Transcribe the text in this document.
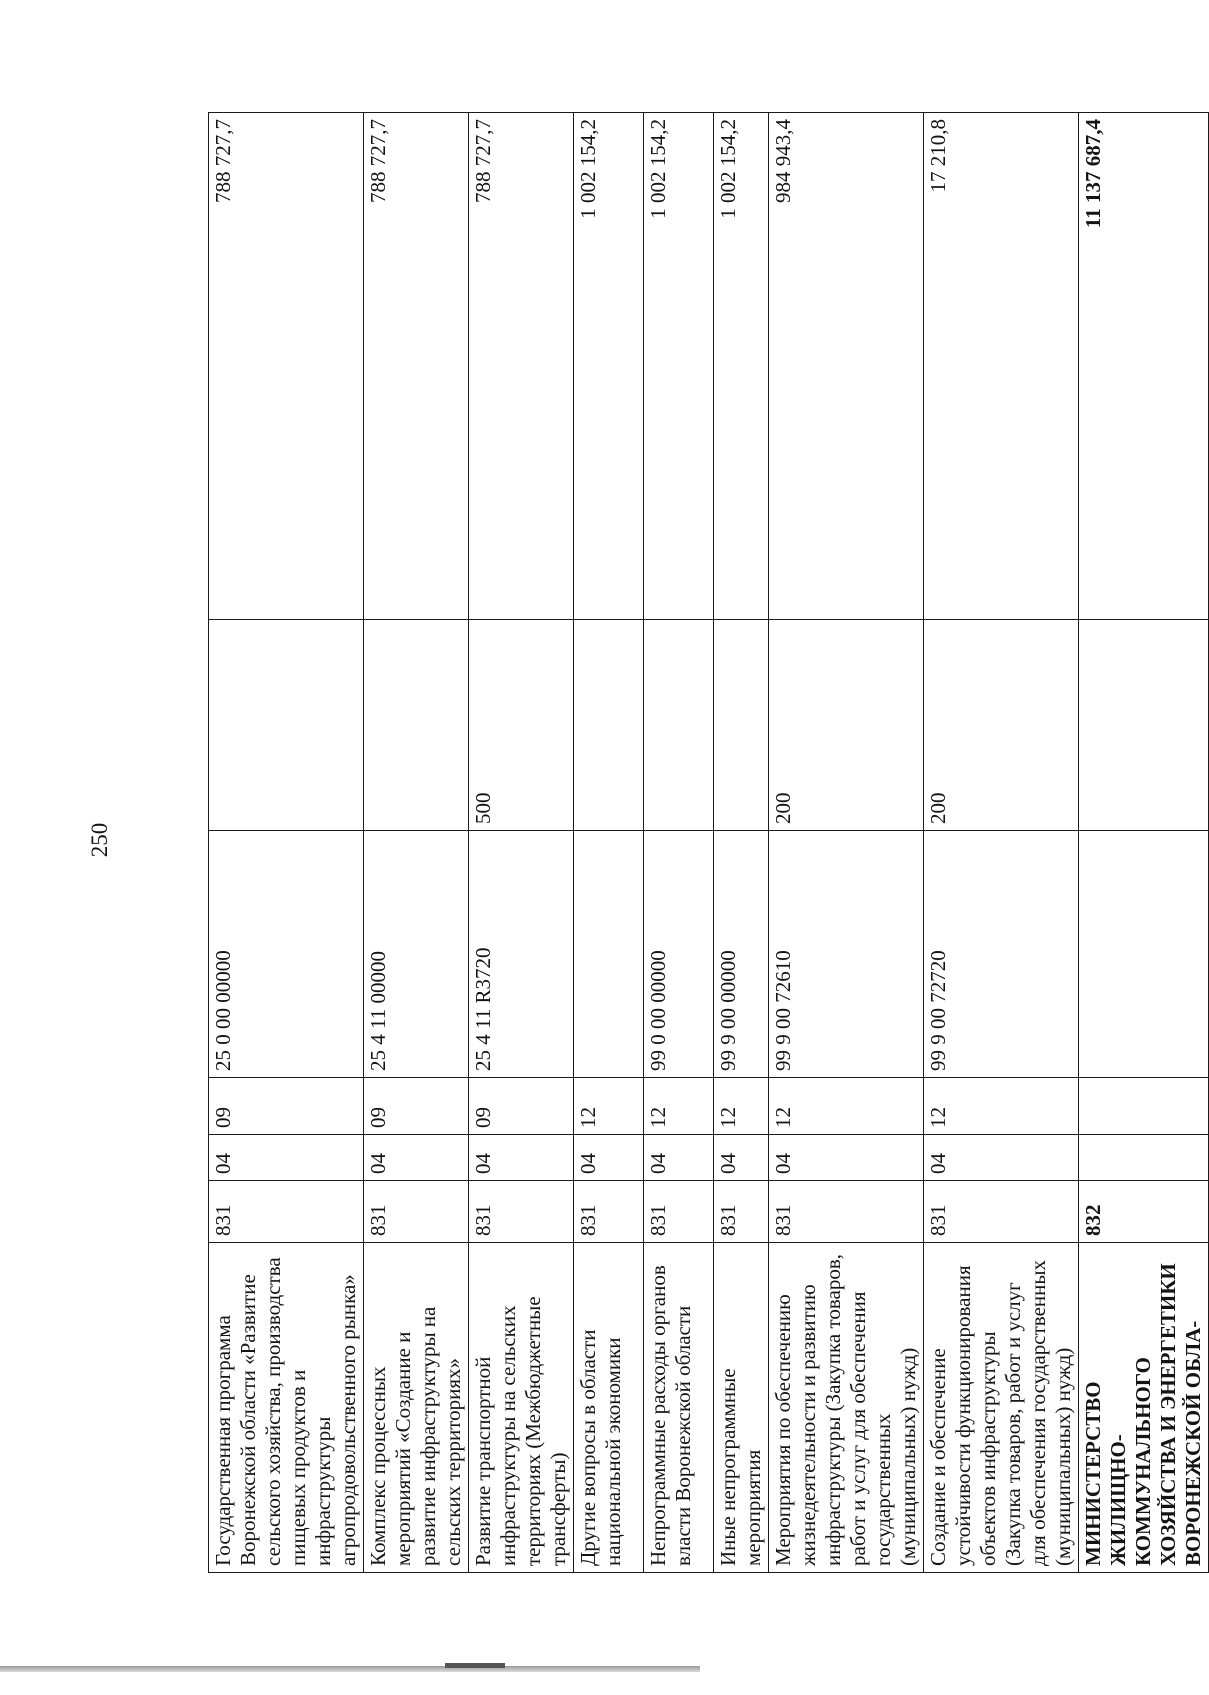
250
Государственная программа Воронежской области «Развитие сельского хозяйства, производства пищевых продуктов и инфраструктуры агропродовольственного рынка»	831	04	09	25 0 00 00000		788 727,7
Комплекс процессных мероприятий «Создание и развитие инфраструктуры на сельских территориях»	831	04	09	25 4 11 00000		788 727,7
Развитие транспортной инфраструктуры на сельских территориях (Межбюджетные трансферты)	831	04	09	25 4 11 R3720	500	788 727,7
Другие вопросы в области национальной экономики	831	04	12			1 002 154,2
Непрограммные расходы органов власти Воронежской области	831	04	12	99 0 00 00000		1 002 154,2
Иные непрограммные мероприятия	831	04	12	99 9 00 00000		1 002 154,2
Мероприятия по обеспечению жизнедеятельности и развитию инфраструктуры (Закупка товаров, работ и услуг для обеспечения государственных (муниципальных) нужд)	831	04	12	99 9 00 72610	200	984 943,4
Создание и обеспечение устойчивости функционирования объектов инфраструктуры (Закупка товаров, работ и услуг для обеспечения государственных (муниципальных) нужд)	831	04	12	99 9 00 72720	200	17 210,8
МИНИСТЕРСТВО ЖИЛИЩНО-КОММУНАЛЬНОГО ХОЗЯЙСТВА И ЭНЕРГЕТИКИ ВОРОНЕЖСКОЙ ОБЛА-	832					11 137 687,4
